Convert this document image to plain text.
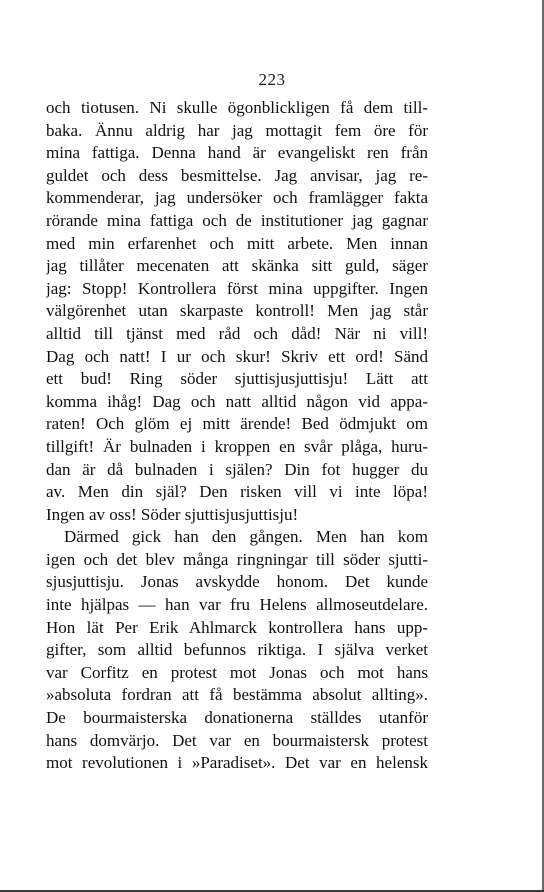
223
och tiotusen. Ni skulle ögonblickligen få dem till-
baka. Ännu aldrig har jag mottagit fem öre för
mina fattiga. Denna hand är evangeliskt ren från
guldet och dess besmittelse. Jag anvisar, jag re-
kommenderar, jag undersöker och framlägger fakta
rörande mina fattiga och de institutioner jag gagnar
med min erfarenhet och mitt arbete. Men innan
jag tillåter mecenaten att skänka sitt guld, säger
jag: Stopp! Kontrollera först mina uppgifter. Ingen
välgörenhet utan skarpaste kontroll! Men jag står
alltid till tjänst med råd och dåd! När ni vill!
Dag och natt! I ur och skur! Skriv ett ord! Sänd
ett bud! Ring söder sjuttisjusjuttisju! Lätt att
komma ihåg! Dag och natt alltid någon vid appa-
raten! Och glöm ej mitt ärende! Bed ödmjukt om
tillgift! Är bulnaden i kroppen en svår plåga, huru-
dan är då bulnaden i själen? Din fot hugger du
av. Men din själ? Den risken vill vi inte löpa!
Ingen av oss! Söder sjuttisjusjuttisju!
Därmed gick han den gången. Men han kom
igen och det blev många ringningar till söder sjutti-
sjusjuttisju. Jonas avskydde honom. Det kunde
inte hjälpas — han var fru Helens allmoseutdelare.
Hon lät Per Erik Ahlmarck kontrollera hans upp-
gifter, som alltid befunnos riktiga. I själva verket
var Corfitz en protest mot Jonas och mot hans
»absoluta fordran att få bestämma absolut allting».
De bourmaisterska donationerna ställdes utanför
hans domvärjo. Det var en bourmaistersk protest
mot revolutionen i »Paradiset». Det var en helensk
